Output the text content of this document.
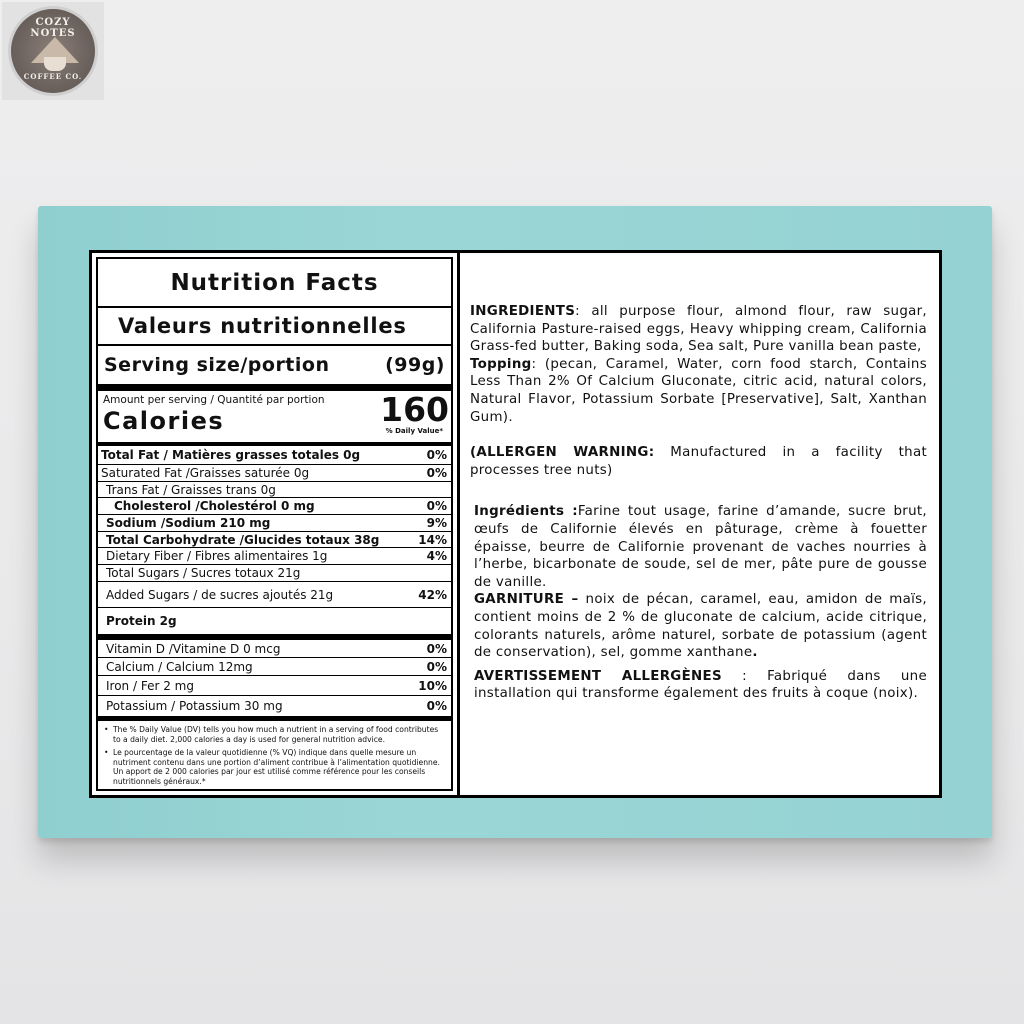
COZY NOTES
COFFEE CO.
Nutrition Facts
Valeurs nutritionnelles
Serving size/portion	(99g)
Amount per serving / Quantité par portion
Calories	160
% Daily Value*
Total Fat / Matières grasses totales 0g	0%
Saturated Fat /Graisses saturée 0g	0%
Trans Fat / Graisses trans 0g
Cholesterol /Cholestérol 0 mg	0%
Sodium /Sodium 210 mg	9%
Total Carbohydrate /Glucides totaux 38g	14%
Dietary Fiber / Fibres alimentaires 1g	4%
Total Sugars / Sucres totaux 21g
Added Sugars / de sucres ajoutés 21g	42%
Protein 2g
Vitamin D /Vitamine D 0 mcg	0%
Calcium / Calcium 12mg	0%
Iron / Fer 2 mg	10%
Potassium / Potassium 30 mg	0%

• The % Daily Value (DV) tells you how much a nutrient in a serving of food contributes to a daily diet. 2,000 calories a day is used for general nutrition advice.

• Le pourcentage de la valeur quotidienne (% VQ) indique dans quelle mesure un nutriment contenu dans une portion d’aliment contribue à l’alimentation quotidienne. Un apport de 2 000 calories par jour est utilisé comme référence pour les conseils nutritionnels généraux.*

INGREDIENTS: all purpose flour, almond flour, raw sugar, California Pasture-raised eggs, Heavy whipping cream, California Grass-fed butter, Baking soda, Sea salt, Pure vanilla bean paste,

Topping: (pecan, Caramel, Water, corn food starch, Contains Less Than 2% Of Calcium Gluconate, citric acid, natural colors, Natural Flavor, Potassium Sorbate [Preservative], Salt, Xanthan Gum).

(ALLERGEN WARNING: Manufactured in a facility that processes tree nuts)

Ingrédients :Farine tout usage, farine d’amande, sucre brut, œufs de Californie élevés en pâturage, crème à fouetter épaisse, beurre de Californie provenant de vaches nourries à l’herbe, bicarbonate de soude, sel de mer, pâte pure de gousse de vanille.

GARNITURE – noix de pécan, caramel, eau, amidon de maïs, contient moins de 2 % de gluconate de calcium, acide citrique, colorants naturels, arôme naturel, sorbate de potassium (agent de conservation), sel, gomme xanthane.

AVERTISSEMENT ALLERGÈNES : Fabriqué dans une installation qui transforme également des fruits à coque (noix).
